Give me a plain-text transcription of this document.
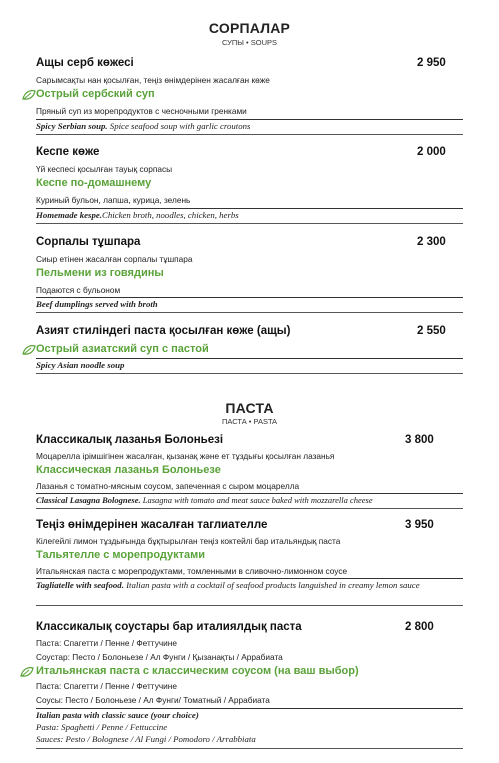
СОРПАЛАР
СУПЫ • SOUPS
Ащы серб көжесі	2 950
Сарымсақты нан қосылған, теңіз өнімдерінен жасалған көже
Острый сербский суп
Пряный суп из морепродуктов с чесночными гренками
Spicy Serbian soup. Spice seafood soup with garlic croutons
Кеспе көже	2 000
Үй кеспесі қосылған тауық сорпасы
Кеспе по-домашнему
Куриный бульон, лапша, курица, зелень
Homemade kespe.Chicken broth, noodles, chicken, herbs
Сорпалы тұшпара	2 300
Сиыр етінен жасалған сорпалы тұшпара
Пельмени из говядины
Подаются с бульоном
Beef dumplings served with broth
Азият стиліндегі паста қосылған көже (ащы)	2 550
Острый азиатский суп с пастой
Spicy Asian noodle soup
ПАСТА
ПАСТА • PASTA
Классикалық лазанья Болоньезі	3 800
Моцарелла ірімшігінен жасалған, қызанақ және ет тұздығы қосылған лазанья
Классическая лазанья Болоньезе
Лазанья с томатно-мясным соусом, запеченная с сыром моцарелла
Classical Lasagna Bolognese. Lasagna with tomato and meat sauce baked with mozzarella cheese
Теңіз өнімдерінен жасалған таглиателле	3 950
Кілегейлі лимон тұздығында бұқтырылған теңіз коктейлі бар итальяндық паста
Тальятелле с морепродуктами
Итальянская паста с морепродуктами, томленными в сливочно-лимонном соусе
Tagliatelle with seafood. Italian pasta with a cocktail of seafood products languished in creamy lemon sauce
Классикалық соустары бар италиялдық паста	2 800
Паста: Спагетти / Пенне / Феттучине
Соустар: Песто / Болоньезе / Ал Фунги / Қызанақты / Аррабиата
Итальянская паста с классическим соусом (на ваш выбор)
Паста: Спагетти / Пенне / Феттучине
Соусы: Песто / Болоньезе / Ал Фунги/ Томатный / Аррабиата
Italian pasta with classic sauce (your choice)
Pasta: Spaghetti / Penne / Fettuccine
Sauces: Pesto / Bolognese / Al Fungi / Pomodoro / Arrabbiata
